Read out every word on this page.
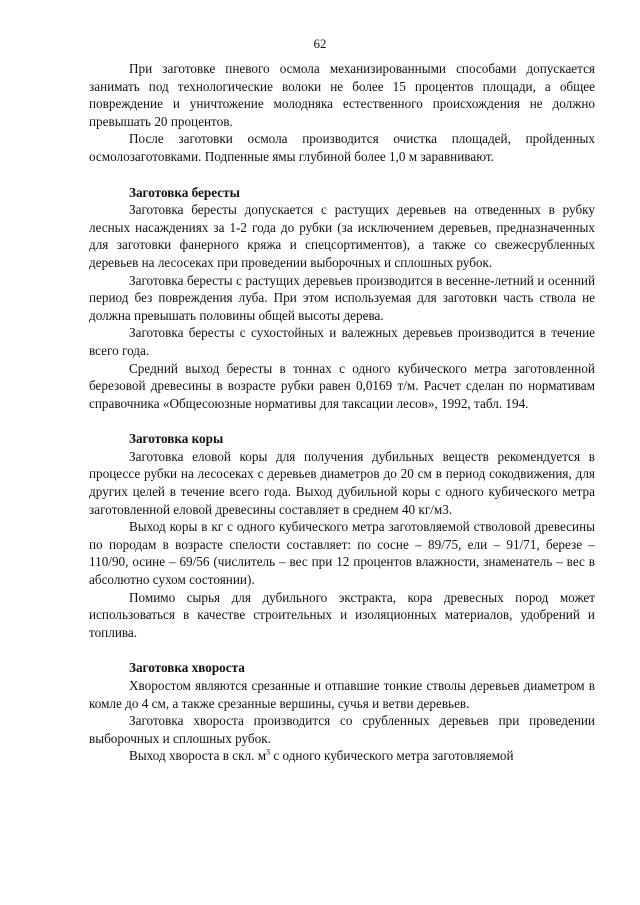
62

При заготовке пневого осмола механизированными способами допускается занимать под технологические волоки не более 15 процентов площади, а общее повреждение и уничтожение молодняка естественного происхождения не должно превышать 20 процентов.

После заготовки осмола производится очистка площадей, пройденных осмолозаготовками. Подпенные ямы глубиной более 1,0 м заравнивают.

Заготовка бересты

Заготовка бересты допускается с растущих деревьев на отведенных в рубку лесных насаждениях за 1-2 года до рубки (за исключением деревьев, предназначенных для заготовки фанерного кряжа и спецсортиментов), а также со свежесрубленных деревьев на лесосеках при проведении выборочных и сплошных рубок.

Заготовка бересты с растущих деревьев производится в весенне-летний и осенний период без повреждения луба. При этом используемая для заготовки часть ствола не должна превышать половины общей высоты дерева.

Заготовка бересты с сухостойных и валежных деревьев производится в течение всего года.

Средний выход бересты в тоннах с одного кубического метра заготовленной березовой древесины в возрасте рубки равен 0,0169 т/м. Расчет сделан по нормативам справочника «Общесоюзные нормативы для таксации лесов», 1992, табл. 194.

Заготовка коры

Заготовка еловой коры для получения дубильных веществ рекомендуется в процессе рубки на лесосеках с деревьев диаметров до 20 см в период сокодвижения, для других целей в течение всего года. Выход дубильной коры с одного кубического метра заготовленной еловой древесины составляет в среднем 40 кг/м3.

Выход коры в кг с одного кубического метра заготовляемой стволовой древесины по породам в возрасте спелости составляет: по сосне – 89/75, ели – 91/71, березе – 110/90, осине – 69/56 (числитель – вес при 12 процентов влажности, знаменатель – вес в абсолютно сухом состоянии).

Помимо сырья для дубильного экстракта, кора древесных пород может использоваться в качестве строительных и изоляционных материалов, удобрений и топлива.

Заготовка хвороста

Хворостом являются срезанные и отпавшие тонкие стволы деревьев диаметром в комле до 4 см, а также срезанные вершины, сучья и ветви деревьев.

Заготовка хвороста производится со срубленных деревьев при проведении выборочных и сплошных рубок.

Выход хвороста в скл. $м^3$ с одного кубического метра заготовляемой
